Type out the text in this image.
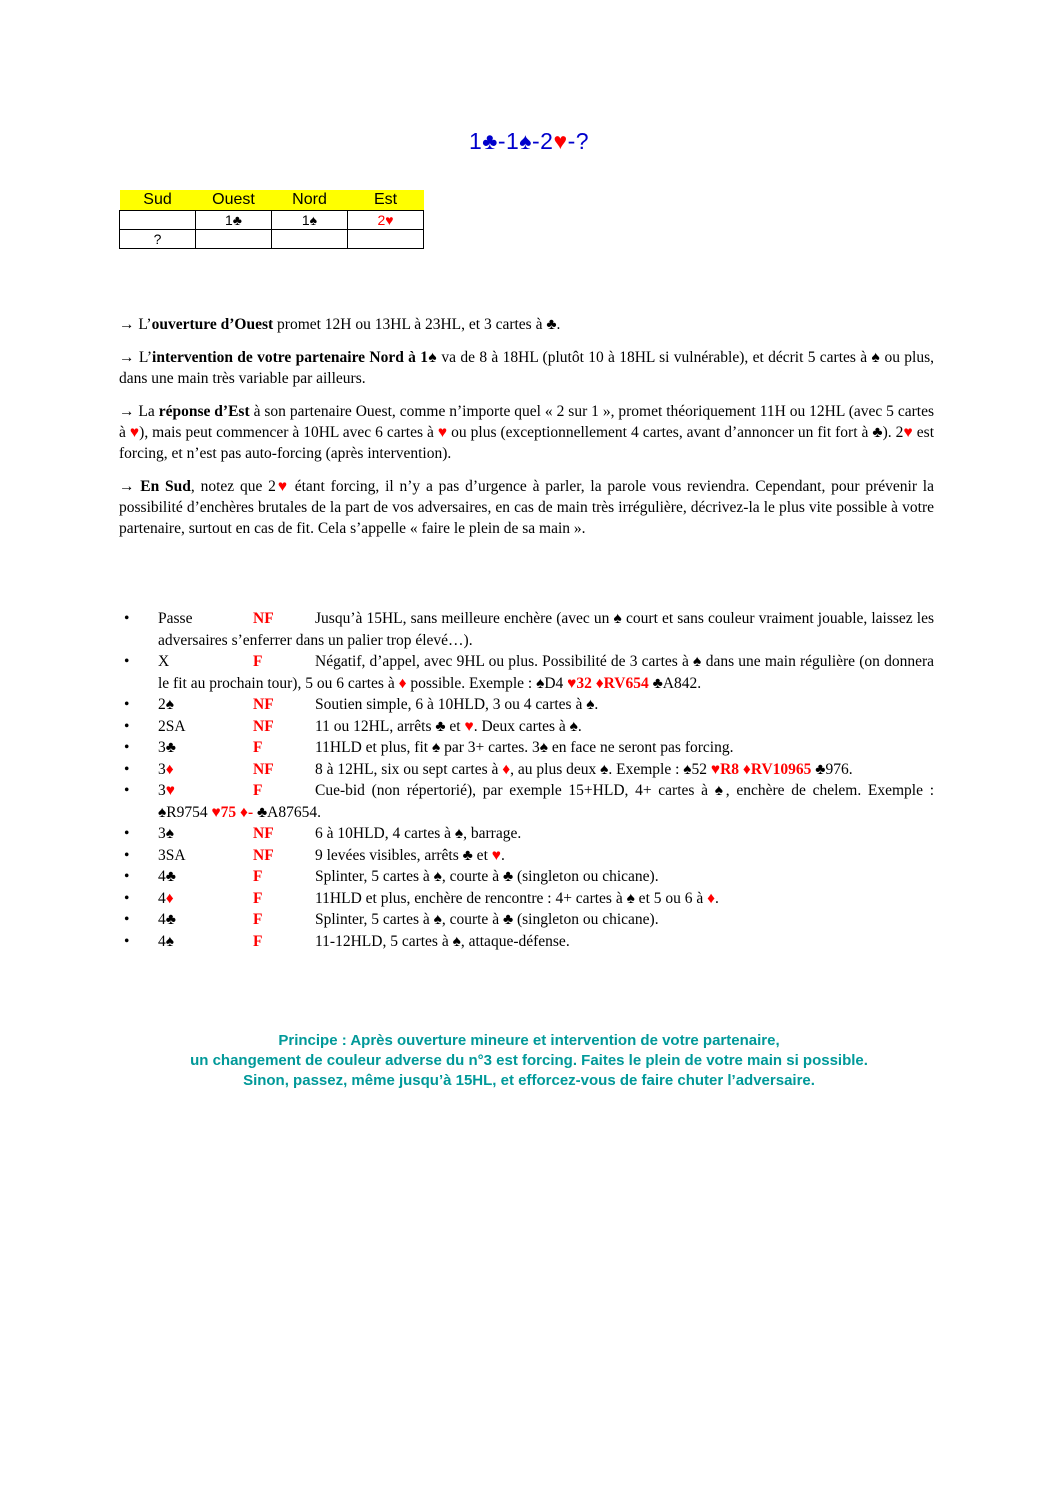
1♣-1♠-2♥-?
Sud	Ouest	Nord	Est
	1♣	1♠	2♥
?			

→ L’ouverture d’Ouest promet 12H ou 13HL à 23HL, et 3 cartes à ♣.

→ L’intervention de votre partenaire Nord à 1♠ va de 8 à 18HL (plutôt 10 à 18HL si vulnérable), et décrit 5 cartes à ♠ ou plus, dans une main très variable par ailleurs.

→ La réponse d’Est à son partenaire Ouest, comme n’importe quel « 2 sur 1 », promet théoriquement 11H ou 12HL (avec 5 cartes à ♥), mais peut commencer à 10HL avec 6 cartes à ♥ ou plus (exceptionnellement 4 cartes, avant d’annoncer un fit fort à ♣). 2♥ est forcing, et n’est pas auto-forcing (après intervention).

→ En Sud, notez que 2♥ étant forcing, il n’y a pas d’urgence à parler, la parole vous reviendra. Cependant, pour prévenir la possibilité d’enchères brutales de la part de vos adversaires, en cas de main très irrégulière, décrivez-la le plus vite possible à votre partenaire, surtout en cas de fit. Cela s’appelle « faire le plein de sa main ».

• Passe	NF	Jusqu’à 15HL, sans meilleure enchère (avec un ♠ court et sans couleur vraiment jouable, laissez les adversaires s’enferrer dans un palier trop élevé…).
• X	F	Négatif, d’appel, avec 9HL ou plus. Possibilité de 3 cartes à ♠ dans une main régulière (on donnera le fit au prochain tour), 5 ou 6 cartes à ♦ possible. Exemple : ♠D4 ♥32 ♦RV654 ♣A842.
• 2♠	NF	Soutien simple, 6 à 10HLD, 3 ou 4 cartes à ♠.
• 2SA	NF	11 ou 12HL, arrêts ♣ et ♥. Deux cartes à ♠.
• 3♣	F	11HLD et plus, fit ♠ par 3+ cartes. 3♠ en face ne seront pas forcing.
• 3♦	NF	8 à 12HL, six ou sept cartes à ♦, au plus deux ♠. Exemple : ♠52 ♥R8 ♦RV10965 ♣976.
• 3♥	F	Cue-bid (non répertorié), par exemple 15+HLD, 4+ cartes à ♠, enchère de chelem. Exemple : ♠R9754 ♥75 ♦- ♣A87654.
• 3♠	NF	6 à 10HLD, 4 cartes à ♠, barrage.
• 3SA	NF	9 levées visibles, arrêts ♣ et ♥.
• 4♣	F	Splinter, 5 cartes à ♠, courte à ♣ (singleton ou chicane).
• 4♦	F	11HLD et plus, enchère de rencontre : 4+ cartes à ♠ et 5 ou 6 à ♦.
• 4♣	F	Splinter, 5 cartes à ♠, courte à ♣ (singleton ou chicane).
• 4♠	F	11-12HLD, 5 cartes à ♠, attaque-défense.
Principe : Après ouverture mineure et intervention de votre partenaire,
un changement de couleur adverse du n°3 est forcing. Faites le plein de votre main si possible.
Sinon, passez, même jusqu’à 15HL, et efforcez-vous de faire chuter l’adversaire.
